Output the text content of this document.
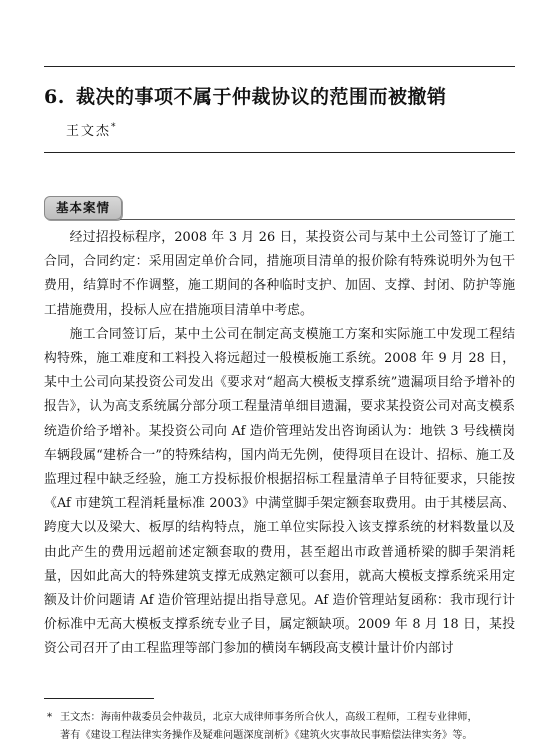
6. 裁决的事项不属于仲裁协议的范围而被撤销
王文杰*
基本案情

经过招投标程序，2008 年 3 月 26 日，某投资公司与某中土公司签订了施工合同，合同约定：采用固定单价合同，措施项目清单的报价除有特殊说明外为包干费用，结算时不作调整，施工期间的各种临时支护、加固、支撑、封闭、防护等施工措施费用，投标人应在措施项目清单中考虑。

施工合同签订后，某中土公司在制定高支模施工方案和实际施工中发现工程结构特殊，施工难度和工料投入将远超过一般模板施工系统。2008 年 9 月 28 日，某中土公司向某投资公司发出《要求对“超高大模板支撑系统”遗漏项目给予增补的报告》，认为高支系统属分部分项工程量清单细目遗漏，要求某投资公司对高支模系统造价给予增补。某投资公司向 Af 造价管理站发出咨询函认为：地铁 3 号线横岗车辆段属“建桥合一”的特殊结构，国内尚无先例，使得项目在设计、招标、施工及监理过程中缺乏经验，施工方投标报价根据招标工程量清单子目特征要求，只能按《Af 市建筑工程消耗量标准 2003》中满堂脚手架定额套取费用。由于其楼层高、跨度大以及梁大、板厚的结构特点，施工单位实际投入该支撑系统的材料数量以及由此产生的费用远超前述定额套取的费用，甚至超出市政普通桥梁的脚手架消耗量，因如此高大的特殊建筑支撑无成熟定额可以套用，就高大模板支撑系统采用定额及计价问题请 Af 造价管理站提出指导意见。Af 造价管理站复函称：我市现行计价标准中无高大模板支撑系统专业子目，属定额缺项。2009 年 8 月 18 日，某投资公司召开了由工程监理等部门参加的横岗车辆段高支模计量计价内部讨

* 王文杰：海南仲裁委员会仲裁员，北京大成律师事务所合伙人，高级工程师，工程专业律师，
著有《建设工程法律实务操作及疑难问题深度剖析》《建筑火灾事故民事赔偿法律实务》等。
